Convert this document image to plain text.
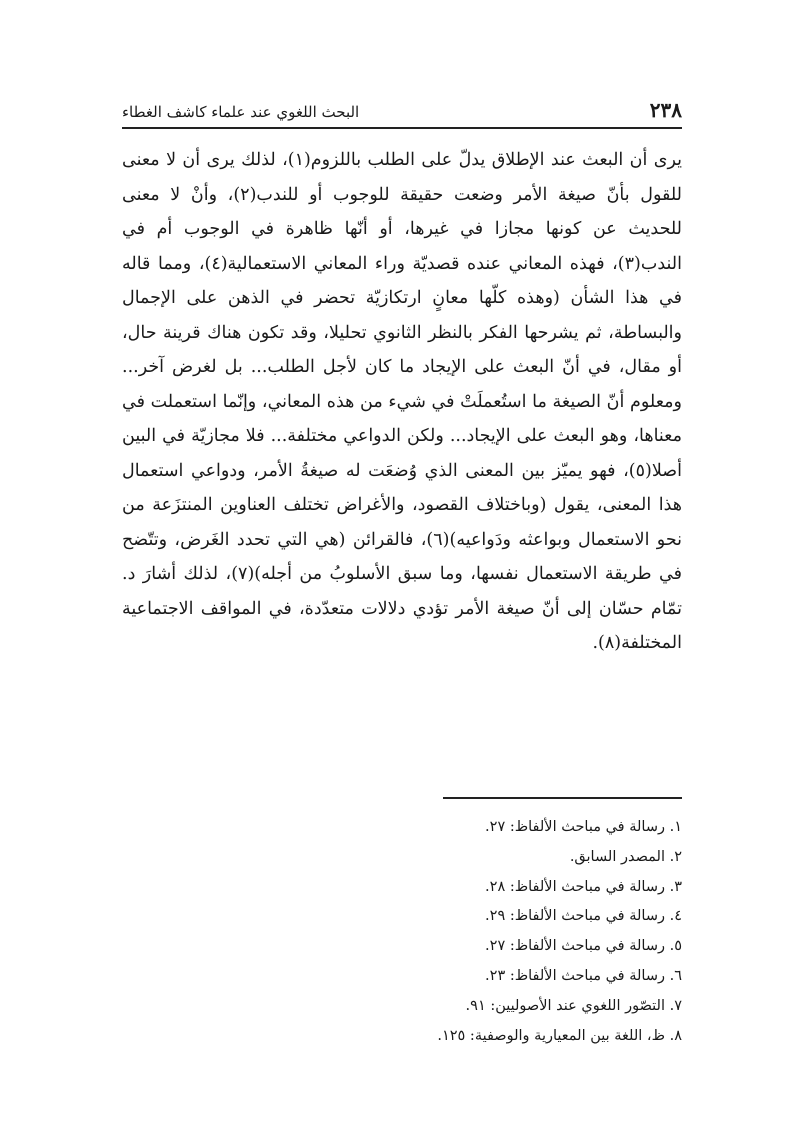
٢٣٨
البحث اللغوي عند علماء كاشف الغطاء

يرى أن البعث عند الإطلاق يدلّ على الطلب باللزوم(١)، لذلك يرى أن لا معنى للقول بأنّ صيغة الأمر وضعت حقيقة للوجوب أو للندب(٢)، وأنْ لا معنى للحديث عن كونها مجازا في غيرها، أو أنّها ظاهرة في الوجوب أم في الندب(٣)، فهذه المعاني عنده قصديّة وراء المعاني الاستعمالية(٤)، ومما قاله في هذا الشأن (وهذه كلّها معانٍ ارتكازيّة تحضر في الذهن على الإجمال والبساطة، ثم يشرحها الفكر بالنظر الثانوي تحليلا، وقد تكون هناك قرينة حال، أو مقال، في أنّ البعث على الإيجاد ما كان لأجل الطلب... بل لغرض آخر... ومعلوم أنّ الصيغة ما استُعملَتْ في شيء من هذه المعاني، وإنّما استعملت في معناها، وهو البعث على الإيجاد... ولكن الدواعي مختلفة... فلا مجازيّة في البين أصلا(٥)، فهو يميّز بين المعنى الذي وُضعَت له صيغةُ الأمر، ودواعي استعمال هذا المعنى، يقول (وباختلاف القصود، والأغراض تختلف العناوين المنتزَعة من نحو الاستعمال وبواعثه ودَواعيه)(٦)، فالقرائن (هي التي تحدد الغَرض، وتتّضح في طريقة الاستعمال نفسها، وما سبق الأسلوبُ من أجله)(٧)، لذلك أشارَ د. تمّام حسّان إلى أنّ صيغة الأمر تؤدي دلالات متعدّدة، في المواقف الاجتماعية المختلفة(٨).

١. رسالة في مباحث الألفاظ: ٢٧.
٢. المصدر السابق.
٣. رسالة في مباحث الألفاظ: ٢٨.
٤. رسالة في مباحث الألفاظ: ٢٩.
٥. رسالة في مباحث الألفاظ: ٢٧.
٦. رسالة في مباحث الألفاظ: ٢٣.
٧. التصّور اللغوي عند الأصوليين: ٩١.
٨. ظ، اللغة بين المعيارية والوصفية: ١٢٥.
